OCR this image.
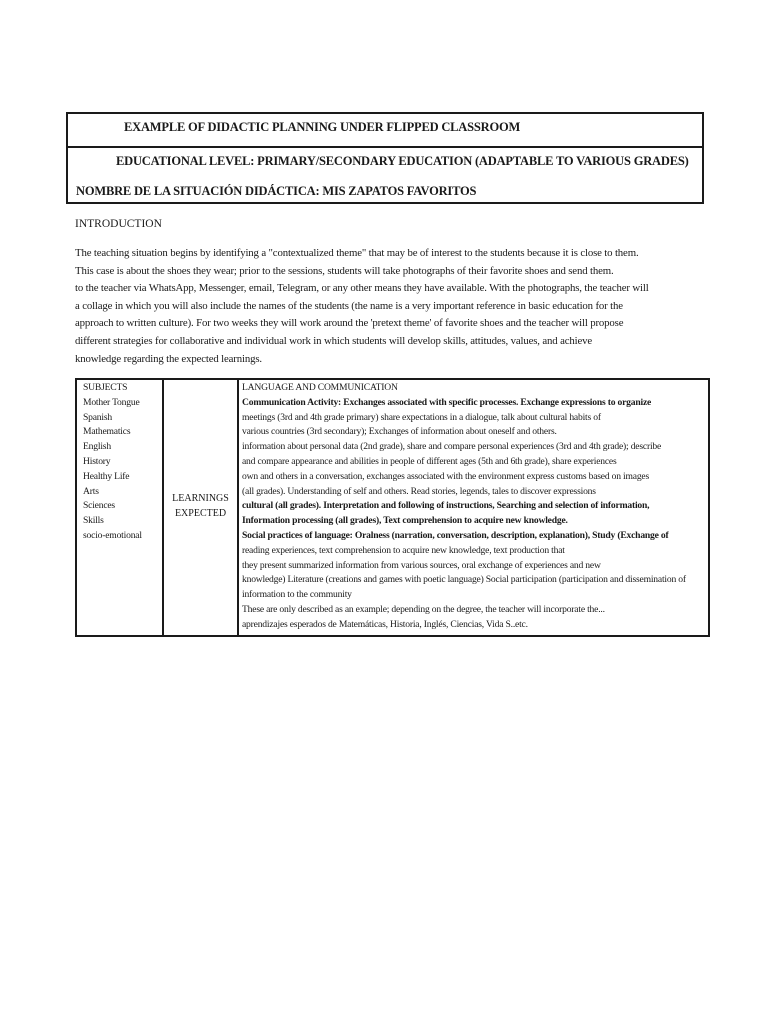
EXAMPLE OF DIDACTIC PLANNING UNDER FLIPPED CLASSROOM
EDUCATIONAL LEVEL: PRIMARY/SECONDARY EDUCATION (ADAPTABLE TO VARIOUS GRADES)
NOMBRE DE LA SITUACIÓN DIDÁCTICA: MIS ZAPATOS FAVORITOS
INTRODUCTION
The teaching situation begins by identifying a "contextualized theme" that may be of interest to the students because it is close to them.
This case is about the shoes they wear; prior to the sessions, students will take photographs of their favorite shoes and send them.
to the teacher via WhatsApp, Messenger, email, Telegram, or any other means they have available. With the photographs, the teacher will
a collage in which you will also include the names of the students (the name is a very important reference in basic education for the
approach to written culture). For two weeks they will work around the 'pretext theme' of favorite shoes and the teacher will propose
different strategies for collaborative and individual work in which students will develop skills, attitudes, values, and achieve
knowledge regarding the expected learnings.
SUBJECTS
Mother Tongue
Spanish
Mathematics
English
History
Healthy Life
Arts
Sciences
Skills
socio-emotional
LEARNINGS
EXPECTED
LANGUAGE AND COMMUNICATION
Communication Activity: Exchanges associated with specific processes. Exchange expressions to organize
meetings (3rd and 4th grade primary) share expectations in a dialogue, talk about cultural habits of
various countries (3rd secondary); Exchanges of information about oneself and others.
information about personal data (2nd grade), share and compare personal experiences (3rd and 4th grade); describe
and compare appearance and abilities in people of different ages (5th and 6th grade), share experiences
own and others in a conversation, exchanges associated with the environment express customs based on images
(all grades). Understanding of self and others. Read stories, legends, tales to discover expressions
cultural (all grades). Interpretation and following of instructions, Searching and selection of information,
Information processing (all grades), Text comprehension to acquire new knowledge.
Social practices of language: Oralness (narration, conversation, description, explanation), Study (Exchange of
reading experiences, text comprehension to acquire new knowledge, text production that
they present summarized information from various sources, oral exchange of experiences and new
knowledge) Literature (creations and games with poetic language) Social participation (participation and dissemination of
information to the community
These are only described as an example; depending on the degree, the teacher will incorporate the...
aprendizajes esperados de Matemáticas, Historia, Inglés, Ciencias, Vida S..etc.
